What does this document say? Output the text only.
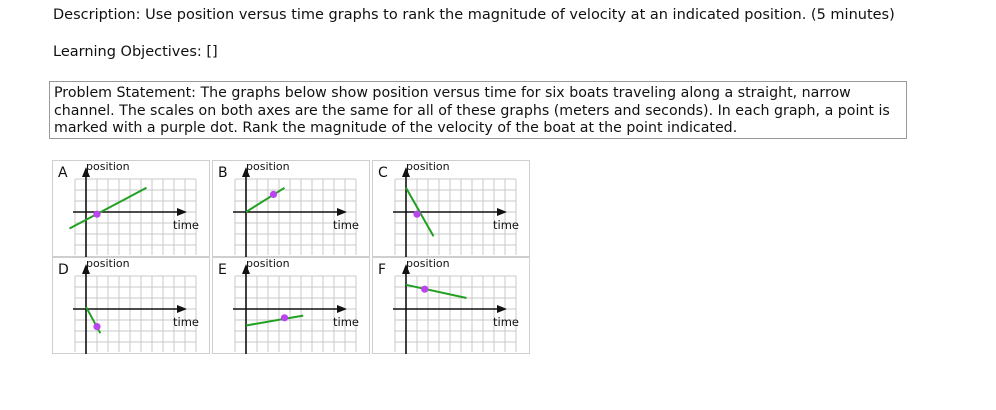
Description: Use position versus time graphs to rank the magnitude of velocity at an indicated position. (5 minutes)
Learning Objectives: []
Problem Statement: The graphs below show position versus time for six boats traveling along a straight, narrow
channel. The scales on both axes are the same for all of these graphs (meters and seconds). In each graph, a point is
marked with a purple dot. Rank the magnitude of the velocity of the boat at the point indicated.
A position
time
B position
time
C position
time
D position
time
E position
time
F position
time
